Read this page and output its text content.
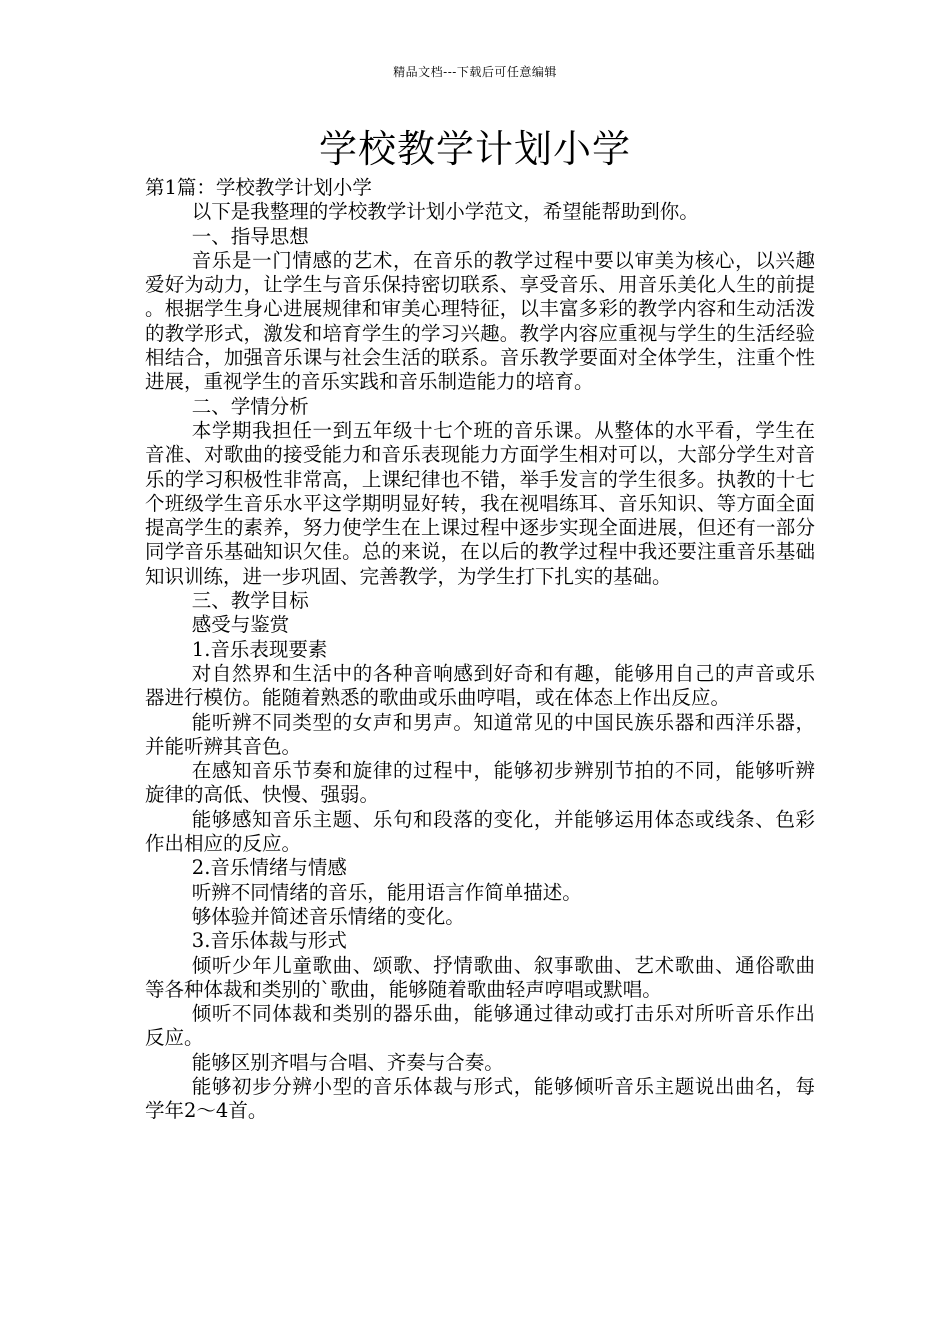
精品文档---下载后可任意编辑
学校教学计划小学

第1篇：学校教学计划小学

以下是我整理的学校教学计划小学范文，希望能帮助到你。

一、指导思想

音乐是一门情感的艺术，在音乐的教学过程中要以审美为核心，以兴趣爱好为动力，让学生与音乐保持密切联系、享受音乐、用音乐美化人生的前提。根据学生身心进展规律和审美心理特征，以丰富多彩的教学内容和生动活泼的教学形式，激发和培育学生的学习兴趣。教学内容应重视与学生的生活经验相结合，加强音乐课与社会生活的联系。音乐教学要面对全体学生，注重个性进展，重视学生的音乐实践和音乐制造能力的培育。

二、学情分析

本学期我担任一到五年级十七个班的音乐课。从整体的水平看，学生在音准、对歌曲的接受能力和音乐表现能力方面学生相对可以，大部分学生对音乐的学习积极性非常高，上课纪律也不错，举手发言的学生很多。执教的十七个班级学生音乐水平这学期明显好转，我在视唱练耳、音乐知识、等方面全面提高学生的素养，努力使学生在上课过程中逐步实现全面进展，但还有一部分同学音乐基础知识欠佳。总的来说，在以后的教学过程中我还要注重音乐基础知识训练，进一步巩固、完善教学，为学生打下扎实的基础。

三、教学目标

感受与鉴赏

1.音乐表现要素

对自然界和生活中的各种音响感到好奇和有趣，能够用自己的声音或乐器进行模仿。能随着熟悉的歌曲或乐曲哼唱，或在体态上作出反应。

能听辨不同类型的女声和男声。知道常见的中国民族乐器和西洋乐器，并能听辨其音色。

在感知音乐节奏和旋律的过程中，能够初步辨别节拍的不同，能够听辨旋律的高低、快慢、强弱。

能够感知音乐主题、乐句和段落的变化，并能够运用体态或线条、色彩作出相应的反应。

2.音乐情绪与情感

听辨不同情绪的音乐，能用语言作简单描述。

够体验并简述音乐情绪的变化。

3.音乐体裁与形式

倾听少年儿童歌曲、颂歌、抒情歌曲、叙事歌曲、艺术歌曲、通俗歌曲等各种体裁和类别的`歌曲，能够随着歌曲轻声哼唱或默唱。

倾听不同体裁和类别的器乐曲，能够通过律动或打击乐对所听音乐作出反应。

能够区别齐唱与合唱、齐奏与合奏。

能够初步分辨小型的音乐体裁与形式，能够倾听音乐主题说出曲名，每学年2～4首。
